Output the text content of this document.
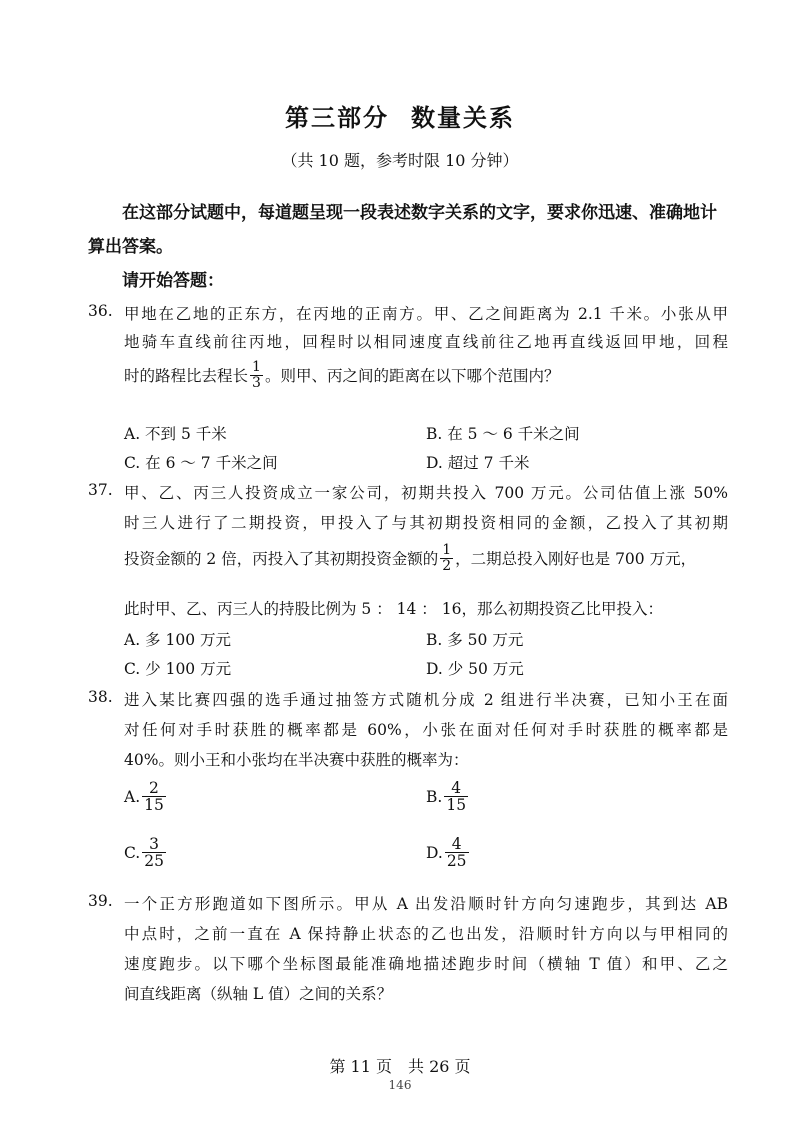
第三部分 数量关系
（共 10 题，参考时限 10 分钟）
在这部分试题中，每道题呈现一段表述数字关系的文字，要求你迅速、准确地计算出答案。
请开始答题：
36. 甲地在乙地的正东方，在丙地的正南方。甲、乙之间距离为 2.1 千米。小张从甲
地骑车直线前往丙地，回程时以相同速度直线前往乙地再直线返回甲地，回程
时的路程比去程长 $\frac{1}{3}$ 。则甲、丙之间的距离在以下哪个范围内？
A. 不到 5 千米	B. 在 5 ～ 6 千米之间
C. 在 6 ～ 7 千米之间	D. 超过 7 千米
37. 甲、乙、丙三人投资成立一家公司，初期共投入 700 万元。公司估值上涨 50%
时三人进行了二期投资，甲投入了与其初期投资相同的金额，乙投入了其初期
投资金额的 2 倍，丙投入了其初期投资金额的 $\frac{1}{2}$ ，二期总投入刚好也是 700 万元，
此时甲、乙、丙三人的持股比例为 5 ： 14 ： 16，那么初期投资乙比甲投入：
A. 多 100 万元	B. 多 50 万元
C. 少 100 万元	D. 少 50 万元
38. 进入某比赛四强的选手通过抽签方式随机分成 2 组进行半决赛，已知小王在面
对任何对手时获胜的概率都是 60%，小张在面对任何对手时获胜的概率都是
40%。则小王和小张均在半决赛中获胜的概率为：
A. $\frac{2}{15}$	B. $\frac{4}{15}$
C. $\frac{3}{25}$	D. $\frac{4}{25}$
39. 一个正方形跑道如下图所示。甲从 A 出发沿顺时针方向匀速跑步，其到达 AB
中点时，之前一直在 A 保持静止状态的乙也出发，沿顺时针方向以与甲相同的
速度跑步。以下哪个坐标图最能准确地描述跑步时间（横轴 T 值）和甲、乙之
间直线距离（纵轴 L 值）之间的关系？
第 11 页　共 26 页
146
